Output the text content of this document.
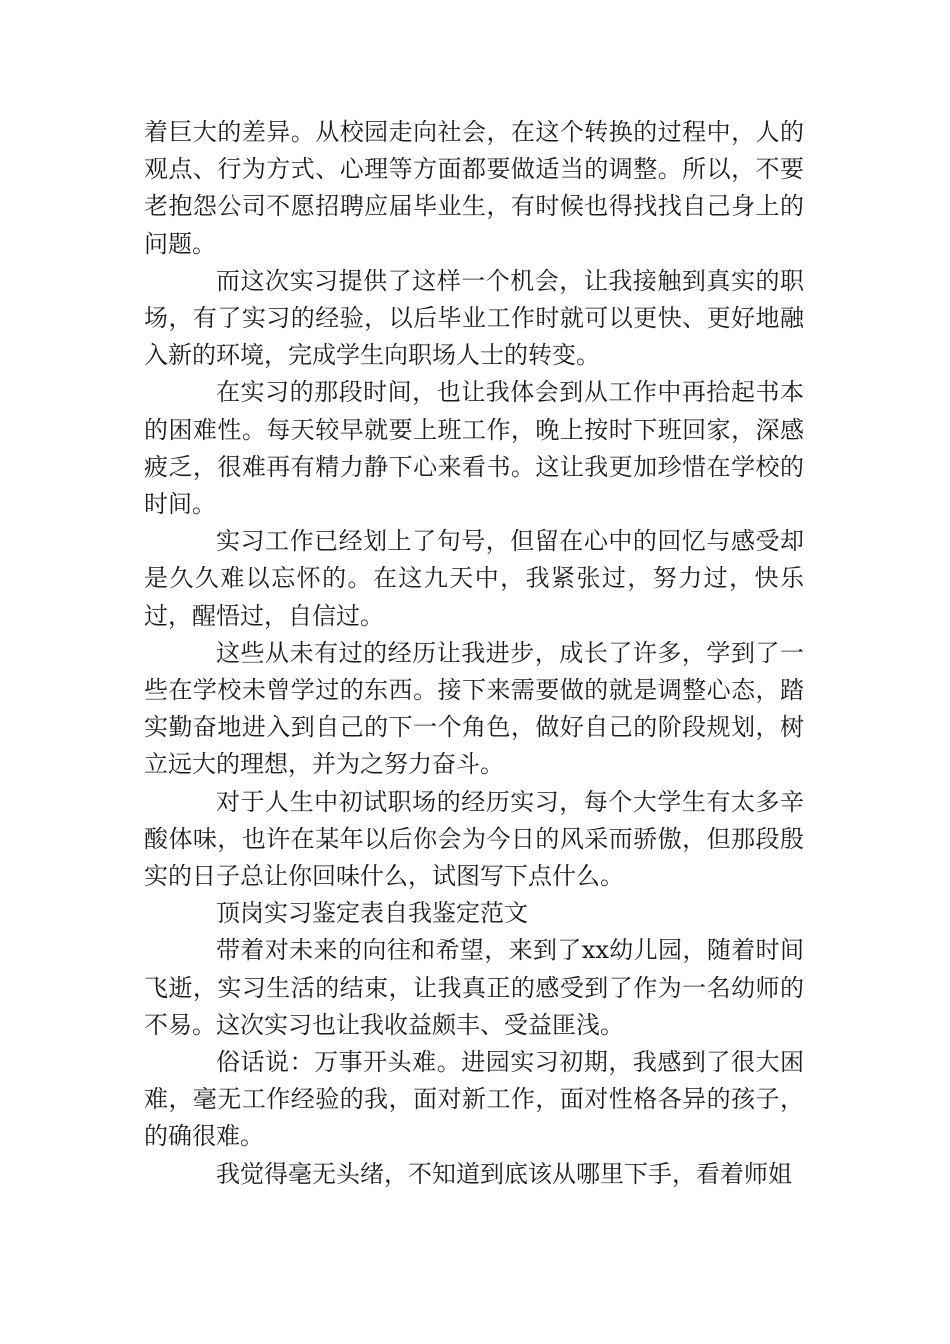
着巨大的差异。从校园走向社会，在这个转换的过程中，人的观点、行为方式、心理等方面都要做适当的调整。所以，不要老抱怨公司不愿招聘应届毕业生，有时候也得找找自己身上的问题。

而这次实习提供了这样一个机会，让我接触到真实的职场，有了实习的经验，以后毕业工作时就可以更快、更好地融入新的环境，完成学生向职场人士的转变。

在实习的那段时间，也让我体会到从工作中再拾起书本的困难性。每天较早就要上班工作，晚上按时下班回家，深感疲乏，很难再有精力静下心来看书。这让我更加珍惜在学校的时间。

实习工作已经划上了句号，但留在心中的回忆与感受却是久久难以忘怀的。在这九天中，我紧张过，努力过，快乐过，醒悟过，自信过。

这些从未有过的经历让我进步，成长了许多，学到了一些在学校未曾学过的东西。接下来需要做的就是调整心态，踏实勤奋地进入到自己的下一个角色，做好自己的阶段规划，树立远大的理想，并为之努力奋斗。

对于人生中初试职场的经历实习，每个大学生有太多辛酸体味，也许在某年以后你会为今日的风采而骄傲，但那段殷实的日子总让你回味什么，试图写下点什么。

顶岗实习鉴定表自我鉴定范文

带着对未来的向往和希望，来到了xx幼儿园，随着时间飞逝，实习生活的结束，让我真正的感受到了作为一名幼师的不易。这次实习也让我收益颇丰、受益匪浅。

俗话说：万事开头难。进园实习初期，我感到了很大困难，毫无工作经验的我，面对新工作，面对性格各异的孩子，的确很难。

我觉得毫无头绪，不知道到底该从哪里下手，看着师姐
